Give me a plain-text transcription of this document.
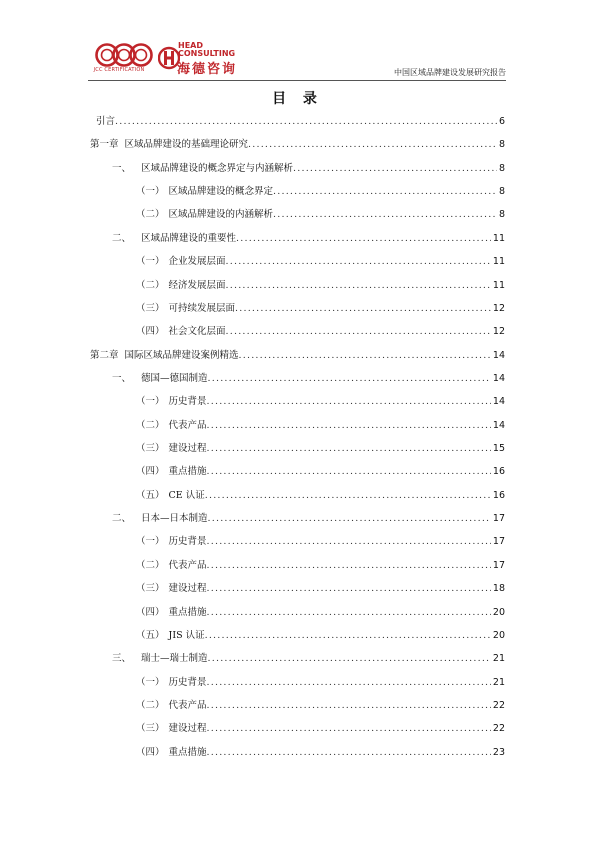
JCC CERTIFICATION
HEAD
CONSULTING
海德咨询	中国区域品牌建设发展研究报告
目 录
引言 .....	6
第一章 区域品牌建设的基础理论研究 .....	8
一、 区域品牌建设的概念界定与内涵解析 .....	8
（一） 区域品牌建设的概念界定 .....	8
（二） 区域品牌建设的内涵解析 .....	8
二、 区域品牌建设的重要性 .....	11
（一） 企业发展层面 .....	11
（二） 经济发展层面 .....	11
（三） 可持续发展层面 .....	12
（四） 社会文化层面 .....	12
第二章 国际区域品牌建设案例精选 .....	14
一、 德国—德国制造 .....	14
（一） 历史背景 .....	14
（二） 代表产品 .....	14
（三） 建设过程 .....	15
（四） 重点措施 .....	16
（五） CE 认证 .....	16
二、 日本—日本制造 .....	17
（一） 历史背景 .....	17
（二） 代表产品 .....	17
（三） 建设过程 .....	18
（四） 重点措施 .....	20
（五） JIS 认证 .....	20
三、 瑞士—瑞士制造 .....	21
（一） 历史背景 .....	21
（二） 代表产品 .....	22
（三） 建设过程 .....	22
（四） 重点措施 .....	23
